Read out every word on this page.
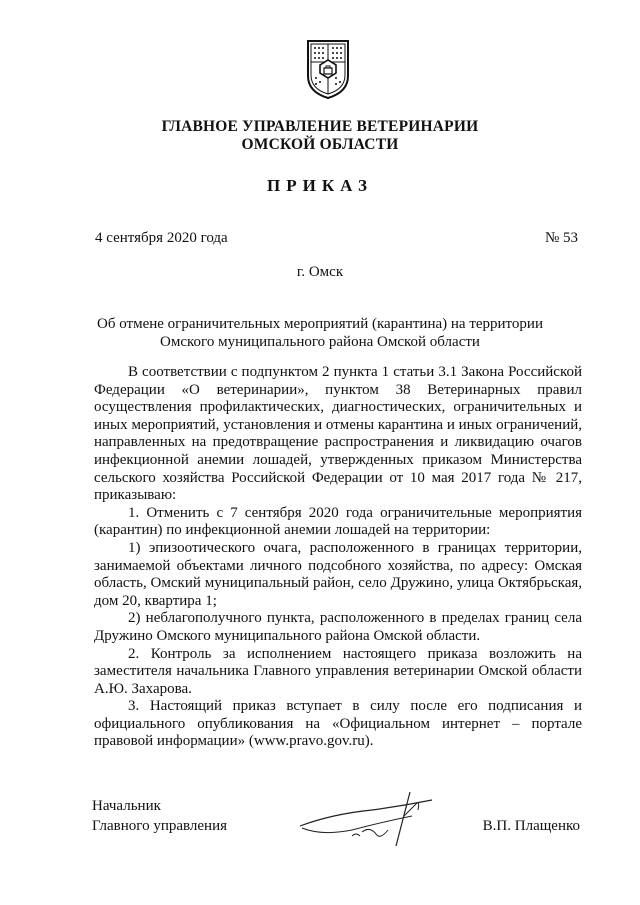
ГЛАВНОЕ УПРАВЛЕНИЕ ВЕТЕРИНАРИИ
ОМСКОЙ ОБЛАСТИ
ПРИКАЗ
4 сентября 2020 года	№ 53
г. Омск
Об отмене ограничительных мероприятий (карантина) на территории
Омского муниципального района Омской области
В соответствии с подпунктом 2 пункта 1 статьи 3.1 Закона Российской
Федерации «О ветеринарии», пунктом 38 Ветеринарных правил
осуществления профилактических, диагностических, ограничительных и
иных мероприятий, установления и отмены карантина и иных ограничений,
направленных на предотвращение распространения и ликвидацию очагов
инфекционной анемии лошадей, утвержденных приказом Министерства
сельского хозяйства Российской Федерации от 10 мая 2017 года № 217,
приказываю:
1. Отменить с 7 сентября 2020 года ограничительные мероприятия
(карантин) по инфекционной анемии лошадей на территории:
1) эпизоотического очага, расположенного в границах территории,
занимаемой объектами личного подсобного хозяйства, по адресу: Омская
область, Омский муниципальный район, село Дружино, улица Октябрьская,
дом 20, квартира 1;
2) неблагополучного пункта, расположенного в пределах границ села
Дружино Омского муниципального района Омской области.
2. Контроль за исполнением настоящего приказа возложить на
заместителя начальника Главного управления ветеринарии Омской области
А.Ю. Захарова.
3. Настоящий приказ вступает в силу после его подписания и
официального опубликования на «Официальном интернет – портале
правовой информации» (www.pravo.gov.ru).
Начальник
Главного управления	В.П. Плащенко
